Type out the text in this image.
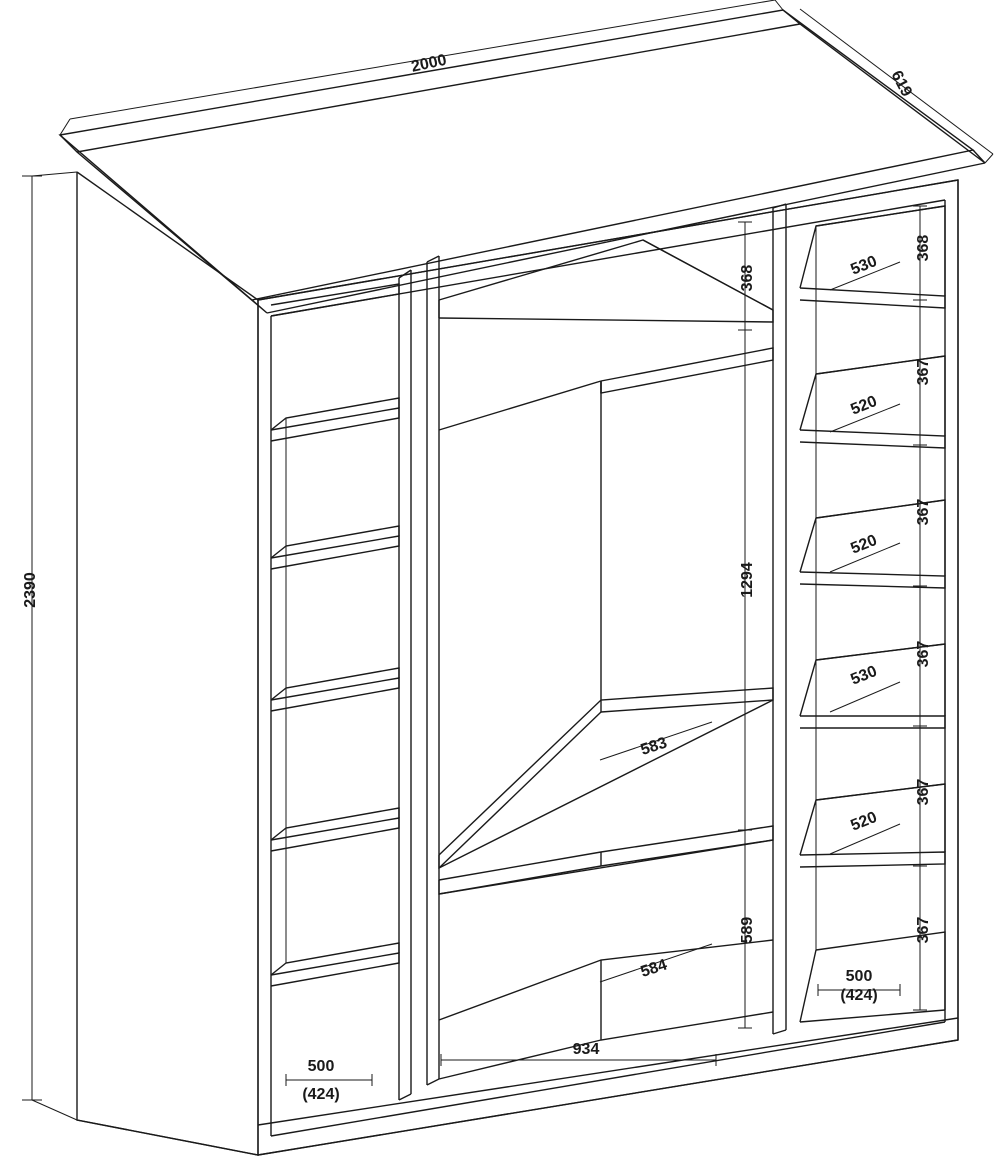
2000
619
2390
368
367
367
367
367
367
530
520
520
530
520
500
(424)
368
1294
589
583
584
934
500
(424)
